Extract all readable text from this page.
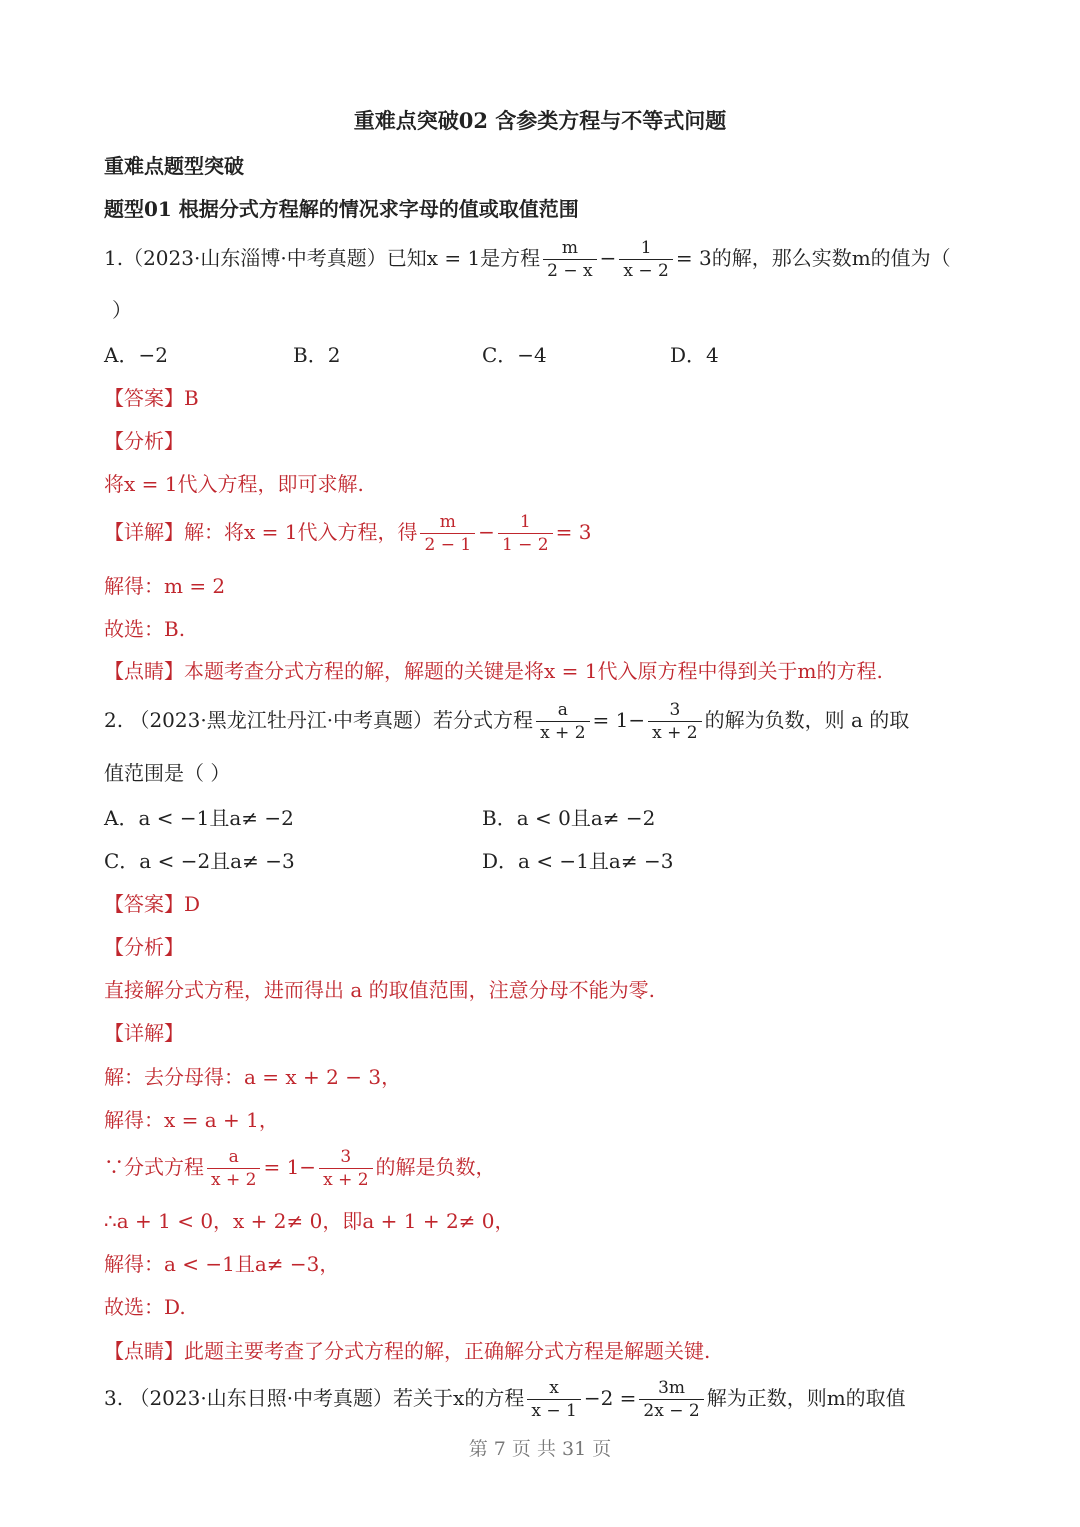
重难点突破02 含参类方程与不等式问题
重难点题型突破
题型01 根据分式方程解的情况求字母的值或取值范围
1.（2023·山东淄博·中考真题）已知x = 1是方程 $\frac{m}{2 - x} - \frac{1}{x - 2} = 3$的解，那么实数m的值为（
）
A．−2	B．2	C．−4	D．4
【答案】B
【分析】
将x = 1代入方程，即可求解.
【详解】解：将x = 1代入方程，得 $\frac{m}{2 - 1} - \frac{1}{1 - 2} = 3$
解得：m = 2
故选：B.
【点睛】本题考查分式方程的解，解题的关键是将x = 1代入原方程中得到关于m的方程.
2. （2023·黑龙江牡丹江·中考真题）若分式方程 $\frac{a}{x + 2} = 1- \frac{3}{x + 2}$ 的解为负数，则 a 的取
值范围是（ ）
A．a < −1且a≠ −2	B．a < 0且a≠ −2
C．a < −2且a≠ −3	D．a < −1且a≠ −3
【答案】D
【分析】
直接解分式方程，进而得出 a 的取值范围，注意分母不能为零.
【详解】
解：去分母得：a = x + 2 − 3，
解得：x = a + 1，
∵分式方程 $\frac{a}{x + 2} = 1- \frac{3}{x + 2}$ 的解是负数，
∴a + 1 < 0，x + 2≠ 0，即a + 1 + 2≠ 0，
解得：a < −1且a≠ −3，
故选：D.
【点睛】此题主要考查了分式方程的解，正确解分式方程是解题关键.
3. （2023·山东日照·中考真题）若关于x的方程 $\frac{x}{x - 1} -2 = \frac{3m}{2x - 2}$ 解为正数，则m的取值
第 7 页 共 31 页
